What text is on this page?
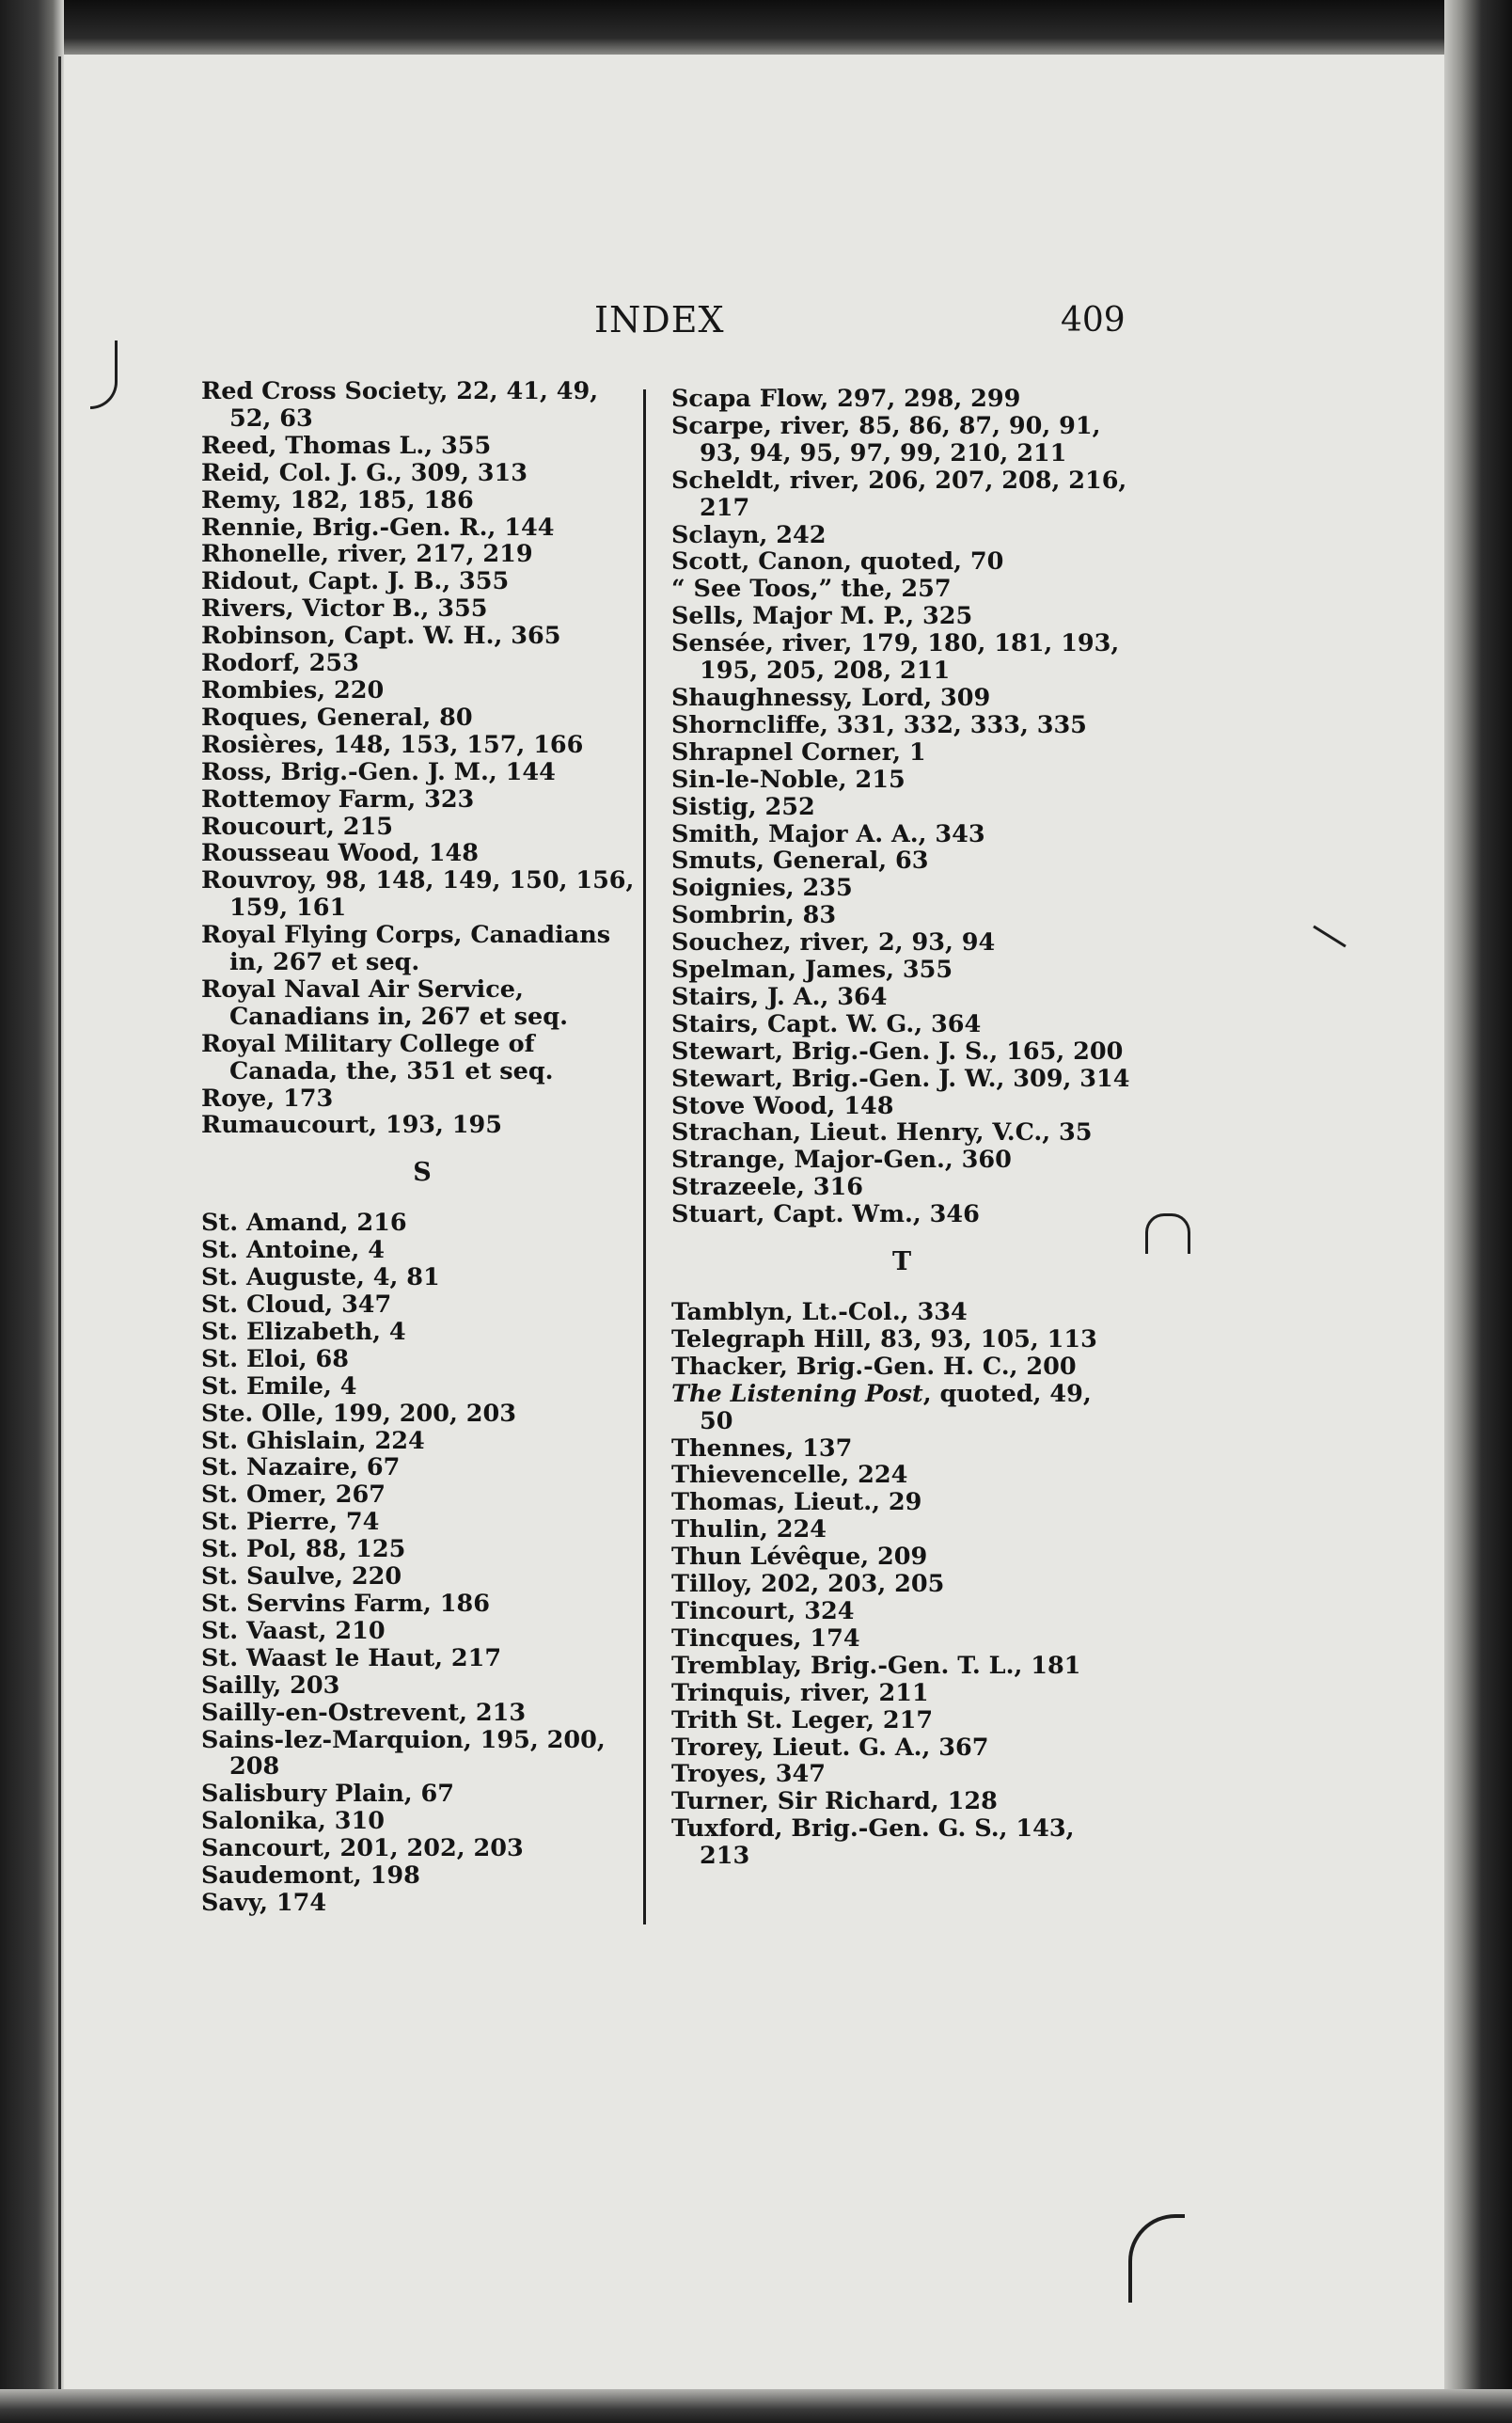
INDEX	409

Red Cross Society, 22, 41, 49, 52, 63

Reed, Thomas L., 355

Reid, Col. J. G., 309, 313

Remy, 182, 185, 186

Rennie, Brig.-Gen. R., 144

Rhonelle, river, 217, 219

Ridout, Capt. J. B., 355

Rivers, Victor B., 355

Robinson, Capt. W. H., 365

Rodorf, 253

Rombies, 220

Roques, General, 80

Rosières, 148, 153, 157, 166

Ross, Brig.-Gen. J. M., 144

Rottemoy Farm, 323

Roucourt, 215

Rousseau Wood, 148

Rouvroy, 98, 148, 149, 150, 156, 159, 161

Royal Flying Corps, Canadians in, 267 et seq.

Royal Naval Air Service, Canadians in, 267 et seq.

Royal Military College of Canada, the, 351 et seq.

Roye, 173

Rumaucourt, 193, 195

S

St. Amand, 216

St. Antoine, 4

St. Auguste, 4, 81

St. Cloud, 347

St. Elizabeth, 4

St. Eloi, 68

St. Emile, 4

Ste. Olle, 199, 200, 203

St. Ghislain, 224

St. Nazaire, 67

St. Omer, 267

St. Pierre, 74

St. Pol, 88, 125

St. Saulve, 220

St. Servins Farm, 186

St. Vaast, 210

St. Waast le Haut, 217

Sailly, 203

Sailly-en-Ostrevent, 213

Sains-lez-Marquion, 195, 200, 208

Salisbury Plain, 67

Salonika, 310

Sancourt, 201, 202, 203

Saudemont, 198

Savy, 174

Scapa Flow, 297, 298, 299

Scarpe, river, 85, 86, 87, 90, 91, 93, 94, 95, 97, 99, 210, 211

Scheldt, river, 206, 207, 208, 216, 217

Sclayn, 242

Scott, Canon, quoted, 70

“ See Toos,” the, 257

Sells, Major M. P., 325

Sensée, river, 179, 180, 181, 193, 195, 205, 208, 211

Shaughnessy, Lord, 309

Shorncliffe, 331, 332, 333, 335

Shrapnel Corner, 1

Sin-le-Noble, 215

Sistig, 252

Smith, Major A. A., 343

Smuts, General, 63

Soignies, 235

Sombrin, 83

Souchez, river, 2, 93, 94

Spelman, James, 355

Stairs, J. A., 364

Stairs, Capt. W. G., 364

Stewart, Brig.-Gen. J. S., 165, 200

Stewart, Brig.-Gen. J. W., 309, 314

Stove Wood, 148

Strachan, Lieut. Henry, V.C., 35

Strange, Major-Gen., 360

Strazeele, 316

Stuart, Capt. Wm., 346

T

Tamblyn, Lt.-Col., 334

Telegraph Hill, 83, 93, 105, 113

Thacker, Brig.-Gen. H. C., 200

The Listening Post, quoted, 49, 50

Thennes, 137

Thievencelle, 224

Thomas, Lieut., 29

Thulin, 224

Thun Lévêque, 209

Tilloy, 202, 203, 205

Tincourt, 324

Tincques, 174

Tremblay, Brig.-Gen. T. L., 181

Trinquis, river, 211

Trith St. Leger, 217

Trorey, Lieut. G. A., 367

Troyes, 347

Turner, Sir Richard, 128

Tuxford, Brig.-Gen. G. S., 143, 213
